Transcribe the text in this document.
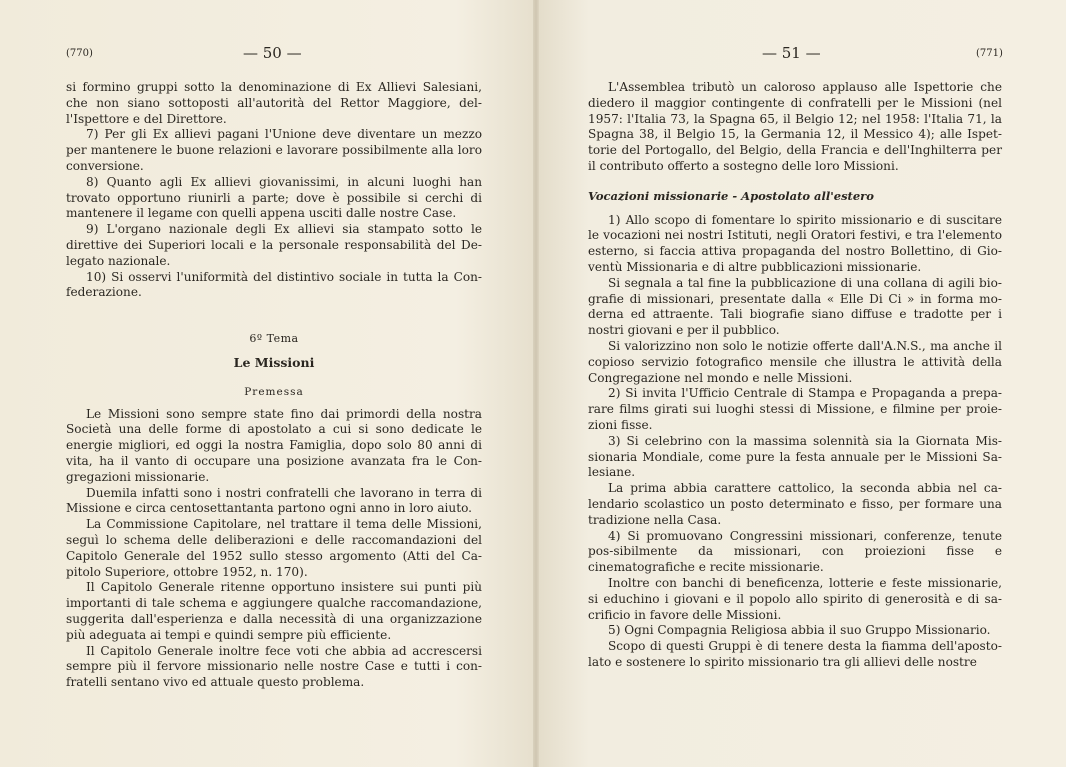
(770)	— 50 —

si formino gruppi sotto la denominazione di Ex Allievi Salesiani, che non siano sottoposti all'autorità del Rettor Maggiore, del-l'Ispettore e del Direttore.

7) Per gli Ex allievi pagani l'Unione deve diventare un mezzo per mantenere le buone relazioni e lavorare possibilmente alla loro conversione.

8) Quanto agli Ex allievi giovanissimi, in alcuni luoghi han trovato opportuno riunirli a parte; dove è possibile si cerchi di mantenere il legame con quelli appena usciti dalle nostre Case.

9) L'organo nazionale degli Ex allievi sia stampato sotto le direttive dei Superiori locali e la personale responsabilità del De-legato nazionale.

10) Si osservi l'uniformità del distintivo sociale in tutta la Con-federazione.

6º Tema

Le Missioni

Premessa

Le Missioni sono sempre state fino dai primordi della nostra Società una delle forme di apostolato a cui si sono dedicate le energie migliori, ed oggi la nostra Famiglia, dopo solo 80 anni di vita, ha il vanto di occupare una posizione avanzata fra le Con-gregazioni missionarie.

Duemila infatti sono i nostri confratelli che lavorano in terra di Missione e circa centosettantanta partono ogni anno in loro aiuto.

La Commissione Capitolare, nel trattare il tema delle Missioni, seguì lo schema delle deliberazioni e delle raccomandazioni del Capitolo Generale del 1952 sullo stesso argomento (Atti del Ca-pitolo Superiore, ottobre 1952, n. 170).

Il Capitolo Generale ritenne opportuno insistere sui punti più importanti di tale schema e aggiungere qualche raccomandazione, suggerita dall'esperienza e dalla necessità di una organizzazione più adeguata ai tempi e quindi sempre più efficiente.

Il Capitolo Generale inoltre fece voti che abbia ad accrescersi sempre più il fervore missionario nelle nostre Case e tutti i con-fratelli sentano vivo ed attuale questo problema.

— 51 —	(771)

L'Assemblea tributò un caloroso applauso alle Ispettorie che diedero il maggior contingente di confratelli per le Missioni (nel 1957: l'Italia 73, la Spagna 65, il Belgio 12; nel 1958: l'Italia 71, la Spagna 38, il Belgio 15, la Germania 12, il Messico 4); alle Ispet-torie del Portogallo, del Belgio, della Francia e dell'Inghilterra per il contributo offerto a sostegno delle loro Missioni.

Vocazioni missionarie - Apostolato all'estero

1) Allo scopo di fomentare lo spirito missionario e di suscitare le vocazioni nei nostri Istituti, negli Oratori festivi, e tra l'elemento esterno, si faccia attiva propaganda del nostro Bollettino, di Gio-ventù Missionaria e di altre pubblicazioni missionarie.

Si segnala a tal fine la pubblicazione di una collana di agili bio-grafie di missionari, presentate dalla « Elle Di Ci » in forma mo-derna ed attraente. Tali biografie siano diffuse e tradotte per i nostri giovani e per il pubblico.

Si valorizzino non solo le notizie offerte dall'A.N.S., ma anche il copioso servizio fotografico mensile che illustra le attività della Congregazione nel mondo e nelle Missioni.

2) Si invita l'Ufficio Centrale di Stampa e Propaganda a prepa-rare films girati sui luoghi stessi di Missione, e filmine per proie-zioni fisse.

3) Si celebrino con la massima solennità sia la Giornata Mis-sionaria Mondiale, come pure la festa annuale per le Missioni Sa-lesiane.

La prima abbia carattere cattolico, la seconda abbia nel ca-lendario scolastico un posto determinato e fisso, per formare una tradizione nella Casa.

4) Si promuovano Congressini missionari, conferenze, tenute pos-sibilmente da missionari, con proiezioni fisse e cinematografiche e recite missionarie.

Inoltre con banchi di beneficenza, lotterie e feste missionarie, si educhino i giovani e il popolo allo spirito di generosità e di sa-crificio in favore delle Missioni.

5) Ogni Compagnia Religiosa abbia il suo Gruppo Missionario.

Scopo di questi Gruppi è di tenere desta la fiamma dell'aposto-lato e sostenere lo spirito missionario tra gli allievi delle nostre
